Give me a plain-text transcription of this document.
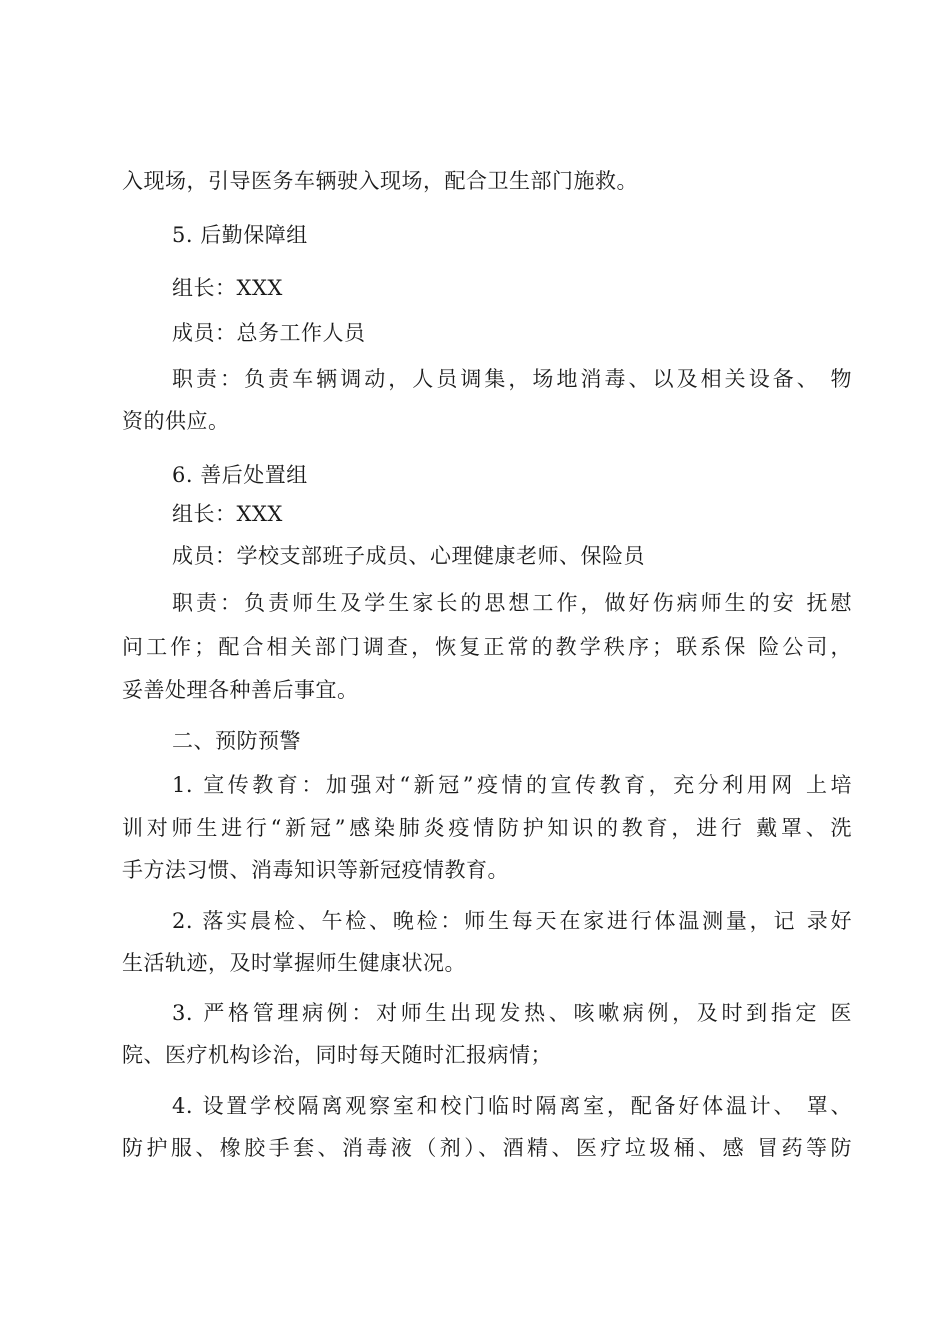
入现场，引导医务车辆驶入现场，配合卫生部门施救。
5. 后勤保障组
组长：XXX
成员：总务工作人员
职责：负责车辆调动，人员调集，场地消毒、以及相关设备、 物
资的供应。
6. 善后处置组
组长：XXX
成员：学校支部班子成员、心理健康老师、保险员
职责：负责师生及学生家长的思想工作，做好伤病师生的安 抚慰
问工作；配合相关部门调查，恢复正常的教学秩序；联系保 险公司，
妥善处理各种善后事宜。
二、预防预警
1. 宣传教育：加强对“新冠”疫情的宣传教育，充分利用网 上培
训对师生进行“新冠”感染肺炎疫情防护知识的教育，进行 戴罩、洗
手方法习惯、消毒知识等新冠疫情教育。
2. 落实晨检、午检、晚检：师生每天在家进行体温测量，记 录好
生活轨迹，及时掌握师生健康状况。
3. 严格管理病例：对师生出现发热、咳嗽病例，及时到指定 医
院、医疗机构诊治，同时每天随时汇报病情；
4. 设置学校隔离观察室和校门临时隔离室，配备好体温计、 罩、
防护服、橡胶手套、消毒液（剂）、酒精、医疗垃圾桶、感 冒药等防
